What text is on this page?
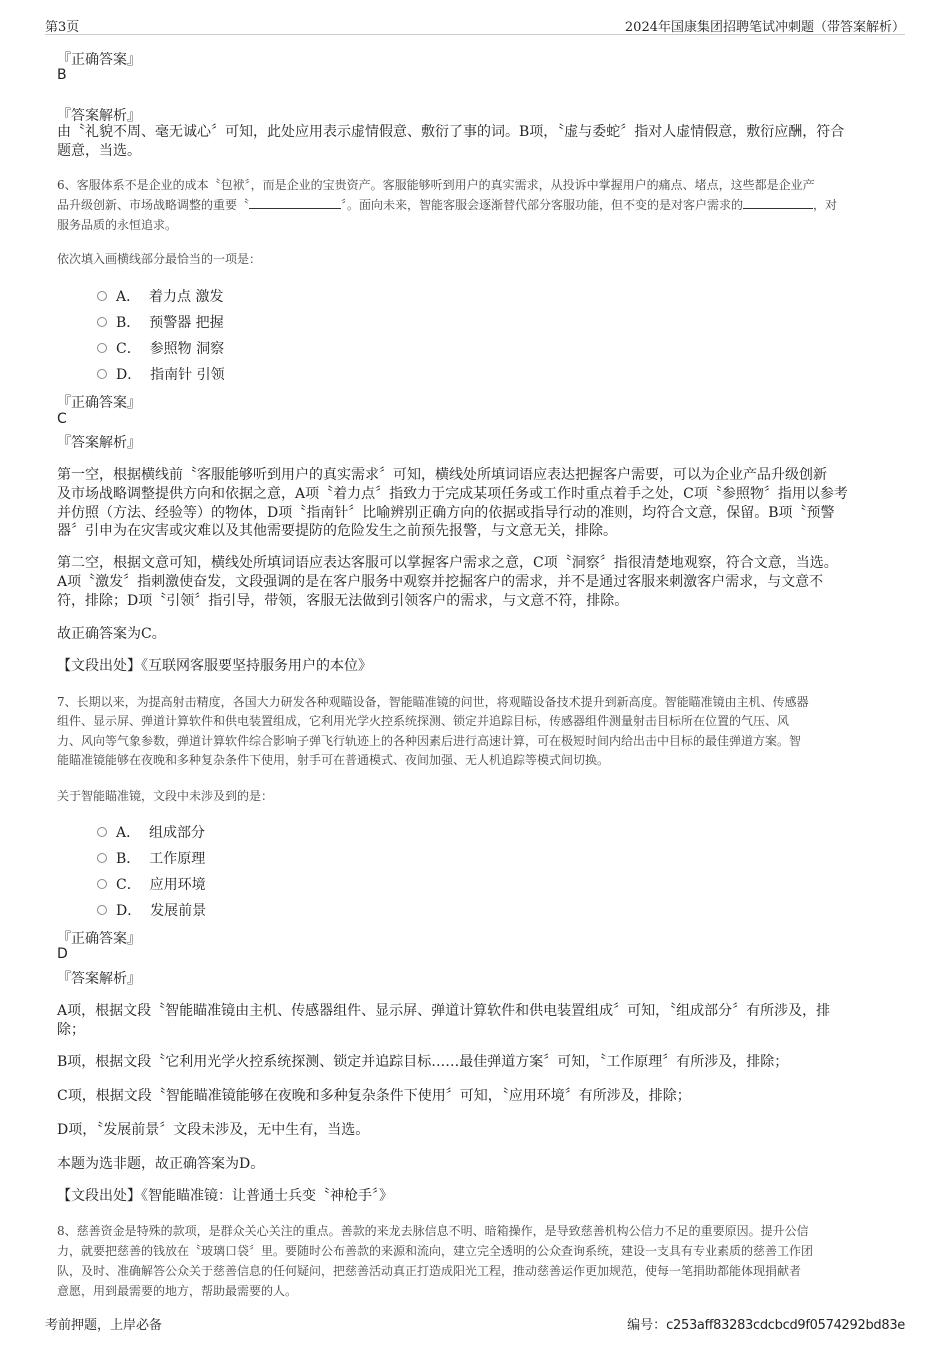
第3页	2024年国康集团招聘笔试冲刺题（带答案解析）
『正确答案』
B
『答案解析』
由〝礼貌不周、毫无诚心〞可知，此处应用表示虚情假意、敷衍了事的词。B项，〝虚与委蛇〞指对人虚情假意，敷衍应酬，符合
题意，当选。
6、客服体系不是企业的成本〝包袱〞，而是企业的宝贵资产。客服能够听到用户的真实需求，从投诉中掌握用户的痛点、堵点，这些都是企业产
品升级创新、市场战略调整的重要〝	〞。面向未来，智能客服会逐渐替代部分客服功能，但不变的是对客户需求的	，对
服务品质的永恒追求。
依次填入画横线部分最恰当的一项是：
A． 着力点 激发
B． 预警器 把握
C． 参照物 洞察
D． 指南针 引领
『正确答案』
C
『答案解析』
第一空，根据横线前〝客服能够听到用户的真实需求〞可知，横线处所填词语应表达把握客户需要，可以为企业产品升级创新
及市场战略调整提供方向和依据之意，A项〝着力点〞指致力于完成某项任务或工作时重点着手之处，C项〝参照物〞指用以参考
并仿照（方法、经验等）的物体，D项〝指南针〞比喻辨别正确方向的依据或指导行动的准则，均符合文意，保留。B项〝预警
器〞引申为在灾害或灾难以及其他需要提防的危险发生之前预先报警，与文意无关，排除。
第二空，根据文意可知，横线处所填词语应表达客服可以掌握客户需求之意，C项〝洞察〞指很清楚地观察，符合文意，当选。
A项〝激发〞指刺激使奋发，文段强调的是在客户服务中观察并挖掘客户的需求，并不是通过客服来刺激客户需求，与文意不
符，排除；D项〝引领〞指引导，带领，客服无法做到引领客户的需求，与文意不符，排除。
故正确答案为C。
【文段出处】《互联网客服要坚持服务用户的本位》
7、长期以来，为提高射击精度，各国大力研发各种观瞄设备，智能瞄准镜的问世，将观瞄设备技术提升到新高度。智能瞄准镜由主机、传感器
组件、显示屏、弹道计算软件和供电装置组成，它利用光学火控系统探测、锁定并追踪目标，传感器组件测量射击目标所在位置的气压、风
力、风向等气象参数，弹道计算软件综合影响子弹飞行轨迹上的各种因素后进行高速计算，可在极短时间内给出击中目标的最佳弹道方案。智
能瞄准镜能够在夜晚和多种复杂条件下使用，射手可在普通模式、夜间加强、无人机追踪等模式间切换。
关于智能瞄准镜，文段中未涉及到的是：
A． 组成部分
B． 工作原理
C． 应用环境
D． 发展前景
『正确答案』
D
『答案解析』
A项，根据文段〝智能瞄准镜由主机、传感器组件、显示屏、弹道计算软件和供电装置组成〞可知，〝组成部分〞有所涉及，排
除；
B项，根据文段〝它利用光学火控系统探测、锁定并追踪目标……最佳弹道方案〞可知，〝工作原理〞有所涉及，排除；
C项，根据文段〝智能瞄准镜能够在夜晚和多种复杂条件下使用〞可知，〝应用环境〞有所涉及，排除；
D项，〝发展前景〞文段未涉及，无中生有，当选。
本题为选非题，故正确答案为D。
【文段出处】《智能瞄准镜：让普通士兵变〝神枪手〞》
8、慈善资金是特殊的款项，是群众关心关注的重点。善款的来龙去脉信息不明、暗箱操作，是导致慈善机构公信力不足的重要原因。提升公信
力，就要把慈善的钱放在〝玻璃口袋〞里。要随时公布善款的来源和流向，建立完全透明的公众查询系统，建设一支具有专业素质的慈善工作团
队，及时、准确解答公众关于慈善信息的任何疑问，把慈善活动真正打造成阳光工程，推动慈善运作更加规范，使每一笔捐助都能体现捐献者
意愿，用到最需要的地方，帮助最需要的人。
考前押题，上岸必备	编号：c253aff83283cdcbcd9f0574292bd83e
